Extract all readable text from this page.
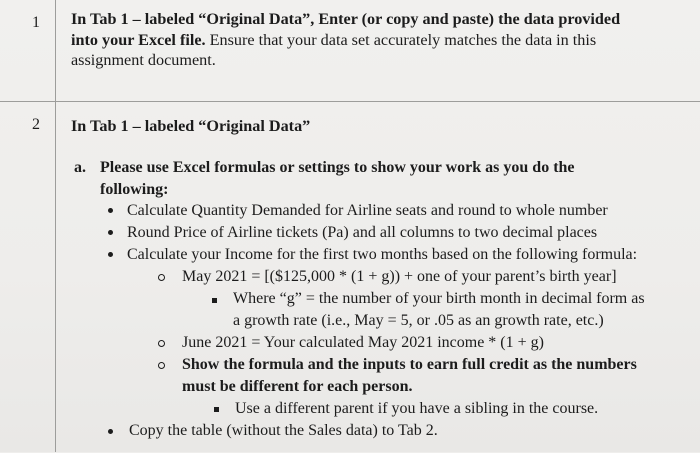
1 In Tab 1 – labeled “Original Data”, Enter (or copy and paste) the data provided
into your Excel file. Ensure that your data set accurately matches the data in this
assignment document.
2 In Tab 1 – labeled “Original Data”
a. Please use Excel formulas or settings to show your work as you do the
following:
Calculate Quantity Demanded for Airline seats and round to whole number
Round Price of Airline tickets (Pa) and all columns to two decimal places
Calculate your Income for the first two months based on the following formula:
May 2021 = [($125,000 * (1 + g)) + one of your parent’s birth year]
Where “g” = the number of your birth month in decimal form as
a growth rate (i.e., May = 5, or .05 as an growth rate, etc.)
June 2021 = Your calculated May 2021 income * (1 + g)
Show the formula and the inputs to earn full credit as the numbers
must be different for each person.
Use a different parent if you have a sibling in the course.
Copy the table (without the Sales data) to Tab 2.
